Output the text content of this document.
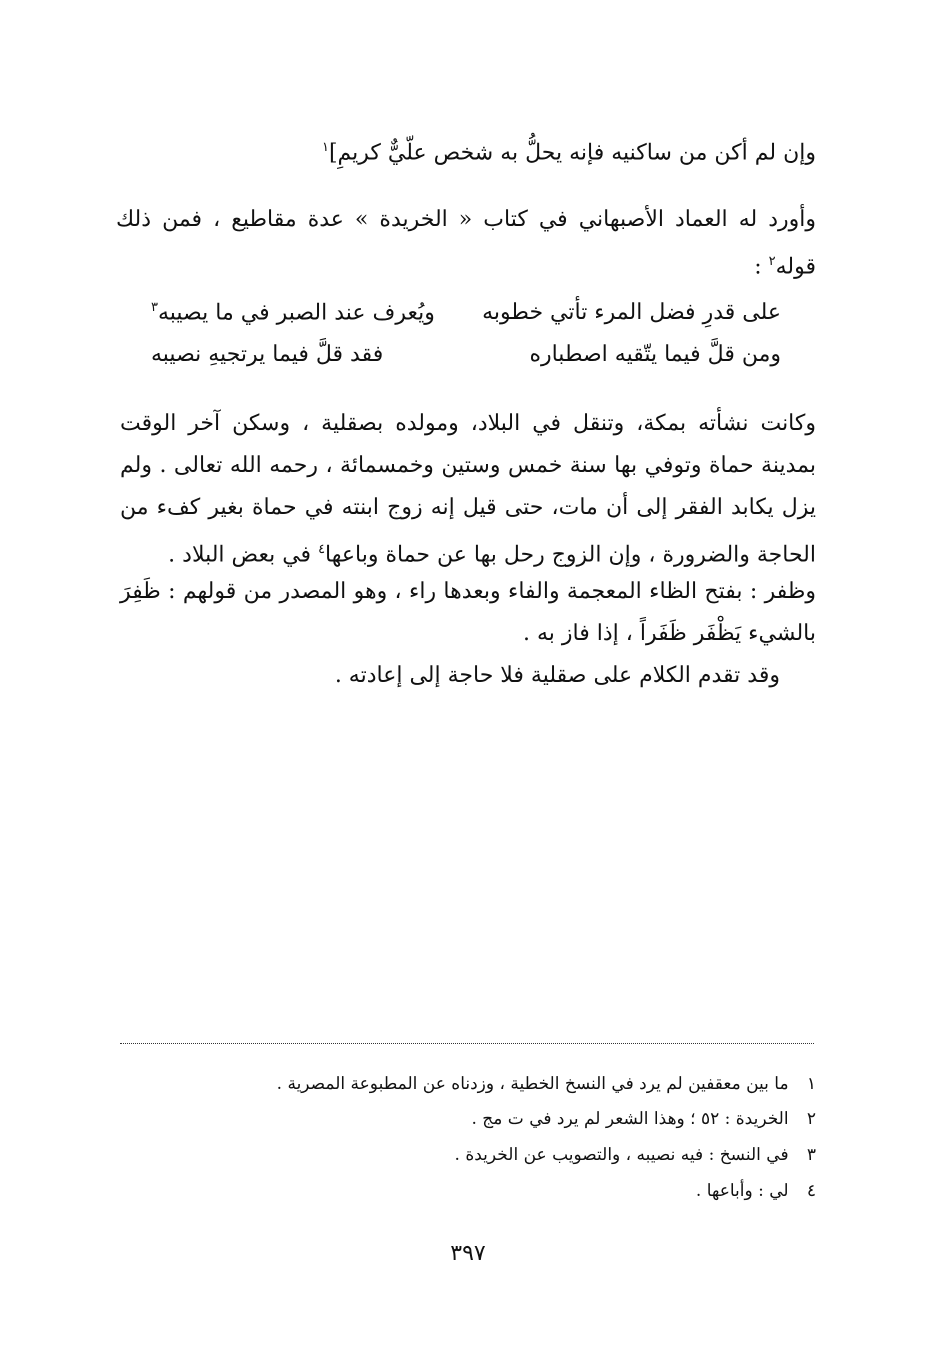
وإن لم أكن من ساكنيه فإنه يحلُّ به شخص علّيٌّ كريمِ]$^١$
وأورد له العماد الأصبهاني في كتاب « الخريدة » عدة مقاطيع ، فمن ذلك قوله$^٢$ :
على قدرِ فضل المرء تأتي خطوبه
ويُعرف عند الصبر في ما يصيبه$^٣$
ومن قلَّ فيما يتّقيه اصطباره
فقد قلَّ فيما يرتجيهِ نصيبه
وكانت نشأته بمكة، وتنقل في البلاد، ومولده بصقلية ، وسكن آخر الوقت بمدينة حماة وتوفي بها سنة خمس وستين وخمسمائة ، رحمه الله تعالى . ولم يزل يكابد الفقر إلى أن مات، حتى قيل إنه زوج ابنته في حماة بغير كفء من الحاجة والضرورة ، وإن الزوج رحل بها عن حماة وباعها$^٤$ في بعض البلاد .
وظفر : بفتح الظاء المعجمة والفاء وبعدها راء ، وهو المصدر من قولهم : ظَفِرَ بالشيء يَظْفَر ظَفَراً ، إذا فاز به .
وقد تقدم الكلام على صقلية فلا حاجة إلى إعادته .
١ ما بين معقفين لم يرد في النسخ الخطية ، وزدناه عن المطبوعة المصرية .
٢ الخريدة : ٥٢ ؛ وهذا الشعر لم يرد في ت مج .
٣ في النسخ : فيه نصيبه ، والتصويب عن الخريدة .
٤ لي : وأباعها .
٣٩٧
